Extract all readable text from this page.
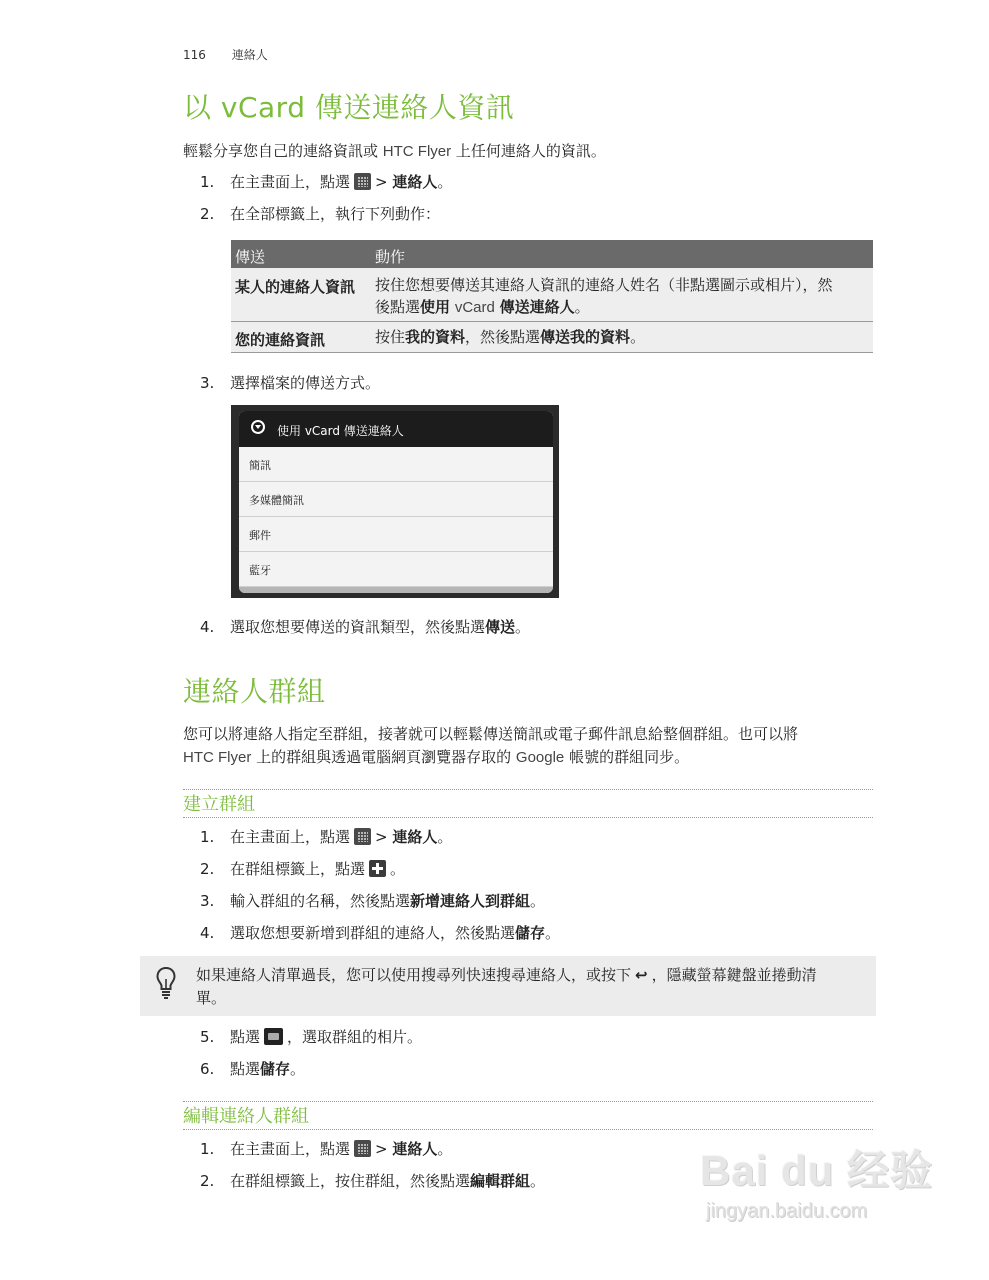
116 連絡人
以 vCard 傳送連絡人資訊
輕鬆分享您自己的連絡資訊或 HTC Flyer 上任何連絡人的資訊。
1. 在主畫面上，點選 > 連絡人。
2. 在全部標籤上，執行下列動作：
傳送	動作
某人的連絡人資訊 按住您想要傳送其連絡人資訊的連絡人姓名（非點選圖示或相片），然
後點選使用 vCard 傳送連絡人。
您的連絡資訊	按住我的資料，然後點選傳送我的資料。
3. 選擇檔案的傳送方式。
使用 vCard 傳送連絡人
簡訊
多媒體簡訊
郵件
藍牙
4. 選取您想要傳送的資訊類型，然後點選傳送。
連絡人群組
您可以將連絡人指定至群組，接著就可以輕鬆傳送簡訊或電子郵件訊息給整個群組。也可以將
HTC Flyer 上的群組與透過電腦網頁瀏覽器存取的 Google 帳號的群組同步。
建立群組
1. 在主畫面上，點選 > 連絡人。
2. 在群組標籤上，點選 。
3. 輸入群組的名稱，然後點選新增連絡人到群組。
4. 選取您想要新增到群組的連絡人，然後點選儲存。
如果連絡人清單過長，您可以使用搜尋列快速搜尋連絡人，或按下 ↩ ，隱藏螢幕鍵盤並捲動清
單。
5. 點選 ，選取群組的相片。
6. 點選儲存。
編輯連絡人群組
1. 在主畫面上，點選 > 連絡人。
2. 在群組標籤上，按住群組，然後點選編輯群組。	Bai du 经验
jingyan.baidu.com
